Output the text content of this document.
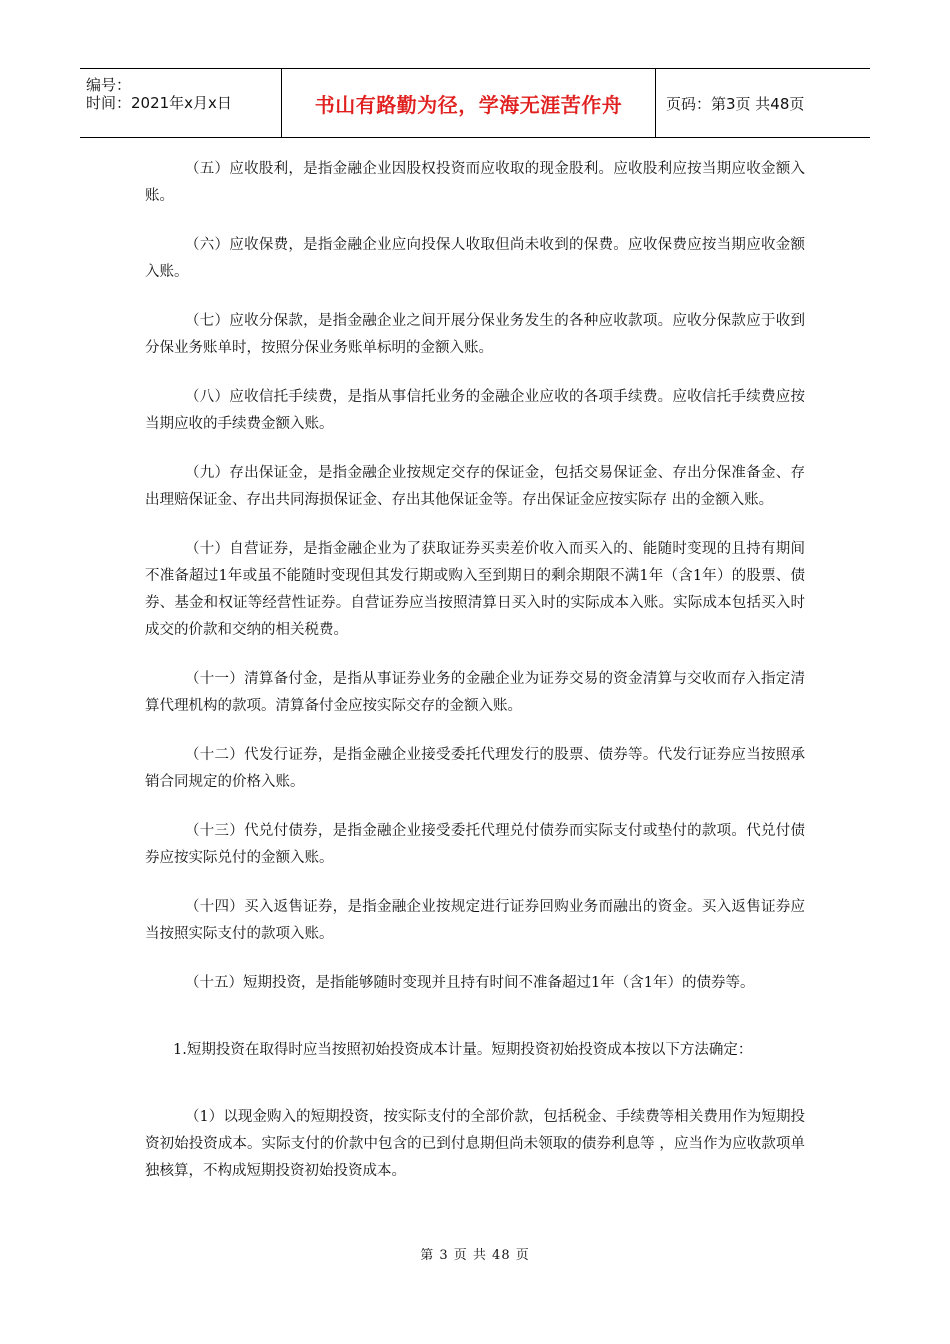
编号：
时间：2021年x月x日	书山有路勤为径，学海无涯苦作舟	页码：第3页 共48页

（五）应收股利，是指金融企业因股权投资而应收取的现金股利。应收股利应按当期应收金额入账。

（六）应收保费，是指金融企业应向投保人收取但尚未收到的保费。应收保费应按当期应收金额入账。

（七）应收分保款，是指金融企业之间开展分保业务发生的各种应收款项。应收分保款应于收到分保业务账单时，按照分保业务账单标明的金额入账。

（八）应收信托手续费，是指从事信托业务的金融企业应收的各项手续费。应收信托手续费应按当期应收的手续费金额入账。

（九）存出保证金，是指金融企业按规定交存的保证金，包括交易保证金、存出分保准备金、存出理赔保证金、存出共同海损保证金、存出其他保证金等。存出保证金应按实际存 出的金额入账。

（十）自营证券，是指金融企业为了获取证券买卖差价收入而买入的、能随时变现的且持有期间不准备超过1年或虽不能随时变现但其发行期或购入至到期日的剩余期限不满1年（含1年）的股票、债券、基金和权证等经营性证券。自营证券应当按照清算日买入时的实际成本入账。实际成本包括买入时成交的价款和交纳的相关税费。

（十一）清算备付金，是指从事证券业务的金融企业为证券交易的资金清算与交收而存入指定清算代理机构的款项。清算备付金应按实际交存的金额入账。

（十二）代发行证券，是指金融企业接受委托代理发行的股票、债券等。代发行证券应当按照承销合同规定的价格入账。

（十三）代兑付债券，是指金融企业接受委托代理兑付债券而实际支付或垫付的款项。代兑付债券应按实际兑付的金额入账。

（十四）买入返售证券，是指金融企业按规定进行证券回购业务而融出的资金。买入返售证券应当按照实际支付的款项入账。

（十五）短期投资，是指能够随时变现并且持有时间不准备超过1年（含1年）的债券等。

1.短期投资在取得时应当按照初始投资成本计量。短期投资初始投资成本按以下方法确定：

（1）以现金购入的短期投资，按实际支付的全部价款，包括税金、手续费等相关费用作为短期投资初始投资成本。实际支付的价款中包含的已到付息期但尚未领取的债券利息等 ，应当作为应收款项单独核算，不构成短期投资初始投资成本。

第 3 页 共 48 页
